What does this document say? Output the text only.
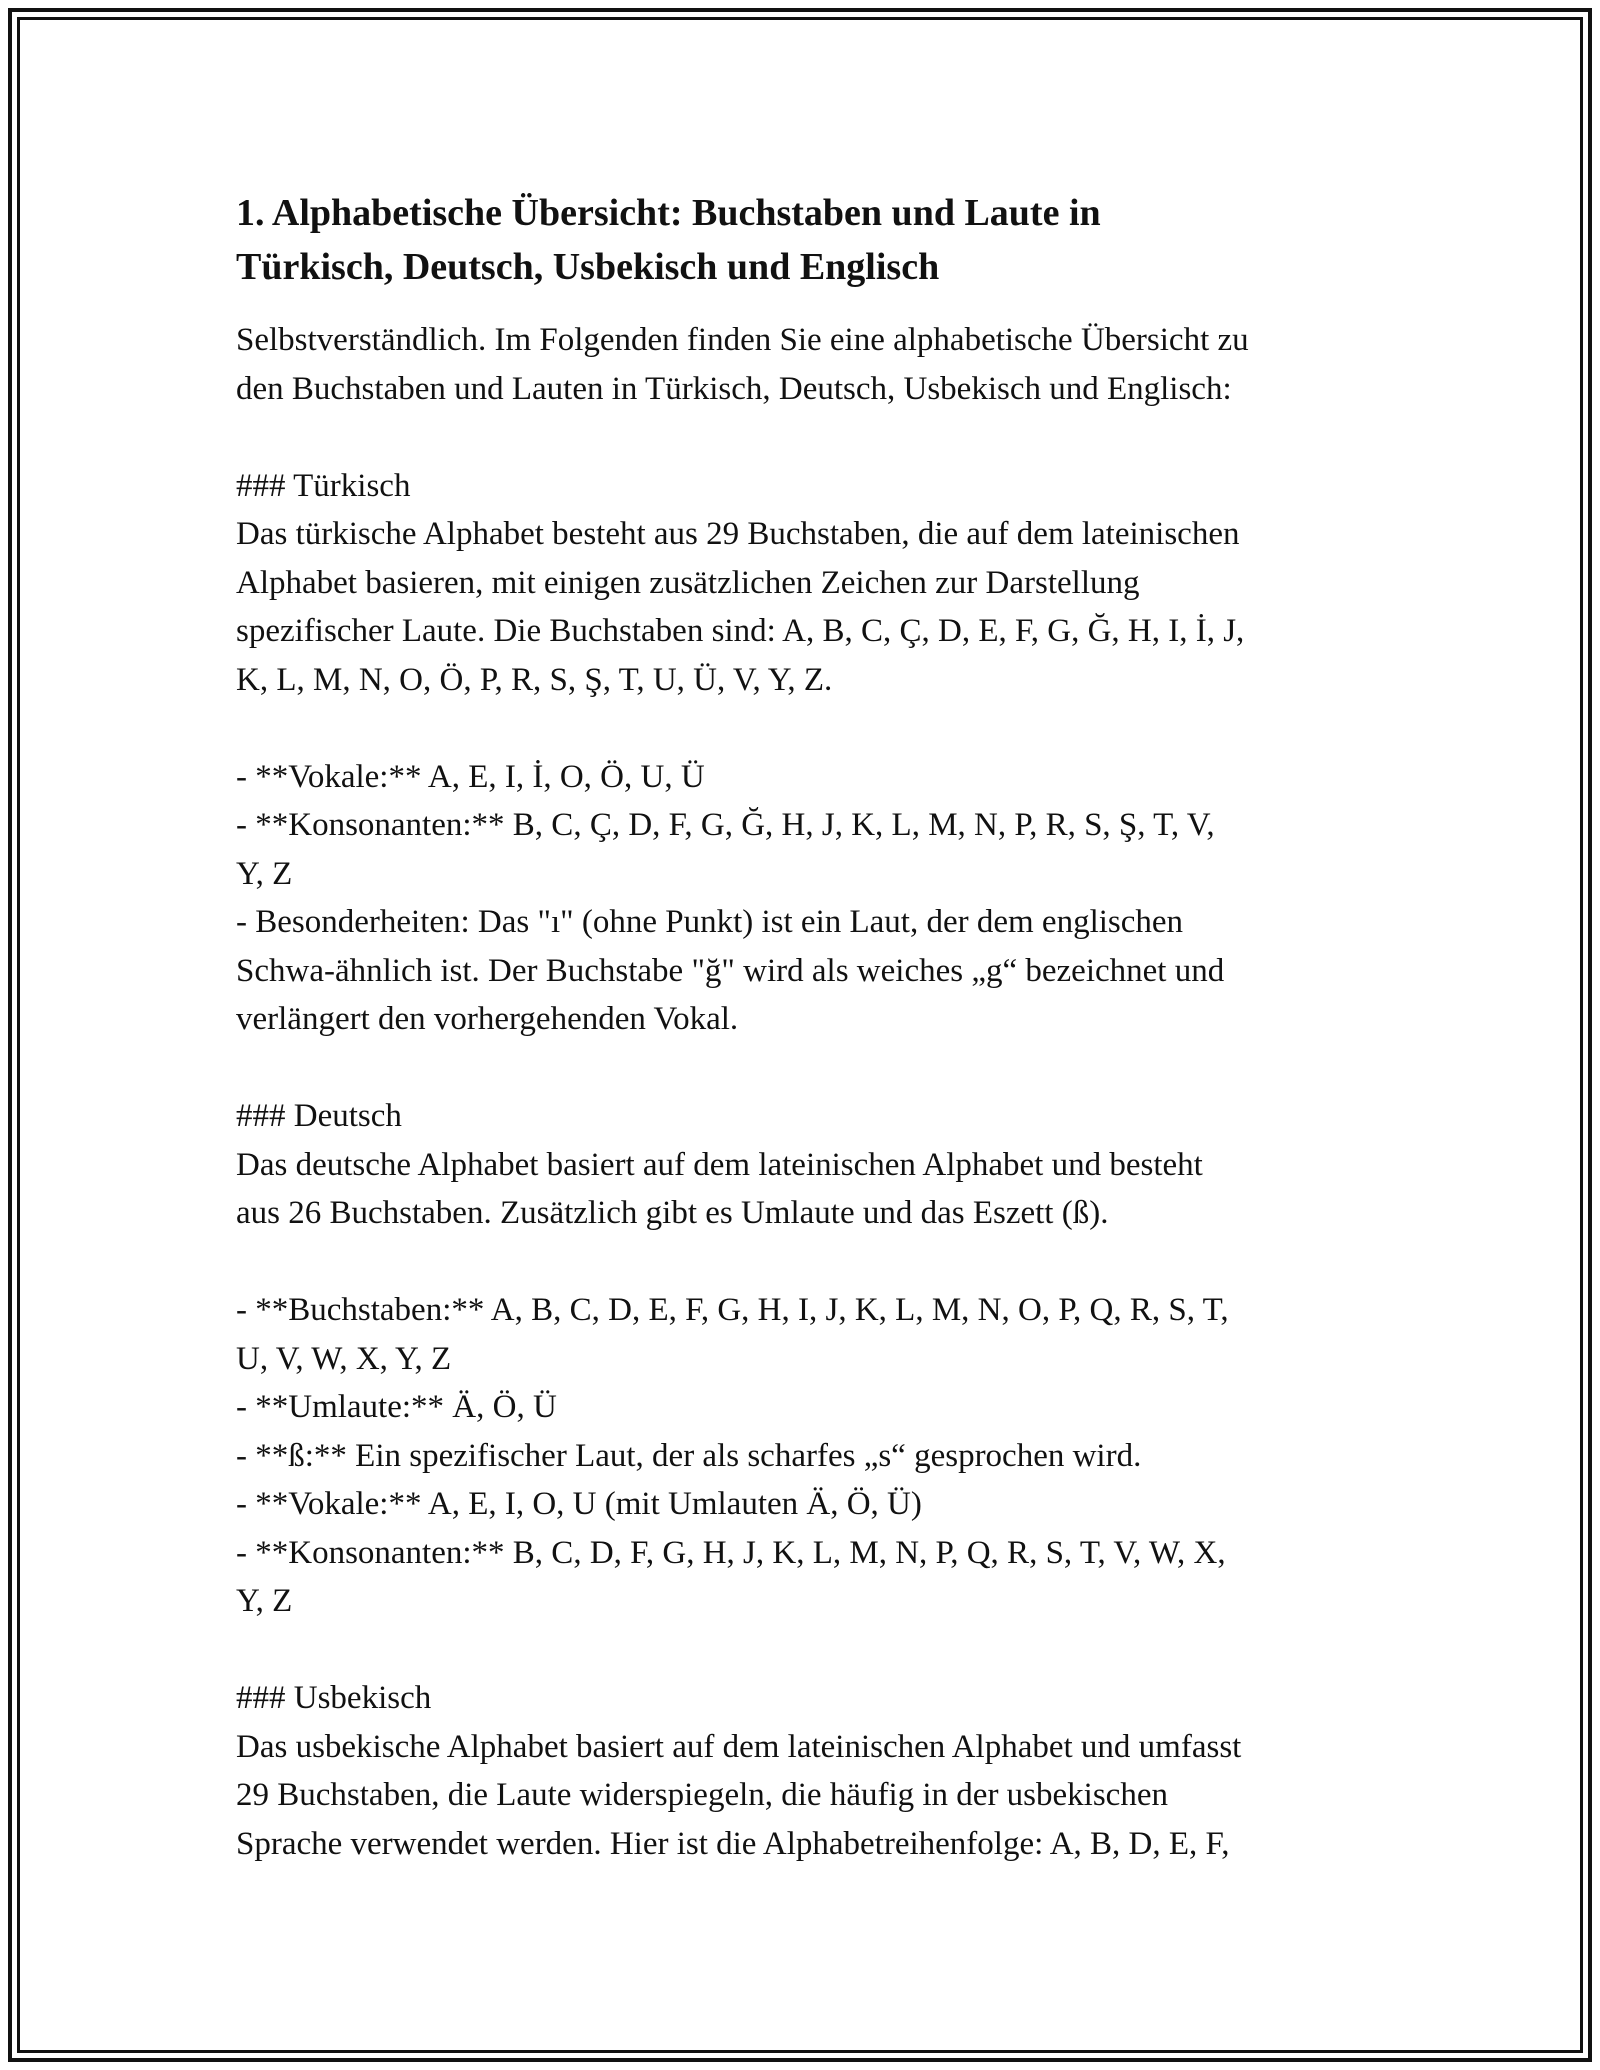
1. Alphabetische Übersicht: Buchstaben und Laute in
Türkisch, Deutsch, Usbekisch und Englisch
Selbstverständlich. Im Folgenden finden Sie eine alphabetische Übersicht zu
den Buchstaben und Lauten in Türkisch, Deutsch, Usbekisch und Englisch:
### Türkisch
Das türkische Alphabet besteht aus 29 Buchstaben, die auf dem lateinischen
Alphabet basieren, mit einigen zusätzlichen Zeichen zur Darstellung
spezifischer Laute. Die Buchstaben sind: A, B, C, Ç, D, E, F, G, Ğ, H, I, İ, J,
K, L, M, N, O, Ö, P, R, S, Ş, T, U, Ü, V, Y, Z.
- **Vokale:** A, E, I, İ, O, Ö, U, Ü
- **Konsonanten:** B, C, Ç, D, F, G, Ğ, H, J, K, L, M, N, P, R, S, Ş, T, V,
Y, Z
- Besonderheiten: Das "ı" (ohne Punkt) ist ein Laut, der dem englischen
Schwa-ähnlich ist. Der Buchstabe "ğ" wird als weiches „g“ bezeichnet und
verlängert den vorhergehenden Vokal.
### Deutsch
Das deutsche Alphabet basiert auf dem lateinischen Alphabet und besteht
aus 26 Buchstaben. Zusätzlich gibt es Umlaute und das Eszett (ß).
- **Buchstaben:** A, B, C, D, E, F, G, H, I, J, K, L, M, N, O, P, Q, R, S, T,
U, V, W, X, Y, Z
- **Umlaute:** Ä, Ö, Ü
- **ß:** Ein spezifischer Laut, der als scharfes „s“ gesprochen wird.
- **Vokale:** A, E, I, O, U (mit Umlauten Ä, Ö, Ü)
- **Konsonanten:** B, C, D, F, G, H, J, K, L, M, N, P, Q, R, S, T, V, W, X,
Y, Z
### Usbekisch
Das usbekische Alphabet basiert auf dem lateinischen Alphabet und umfasst
29 Buchstaben, die Laute widerspiegeln, die häufig in der usbekischen
Sprache verwendet werden. Hier ist die Alphabetreihenfolge: A, B, D, E, F,
